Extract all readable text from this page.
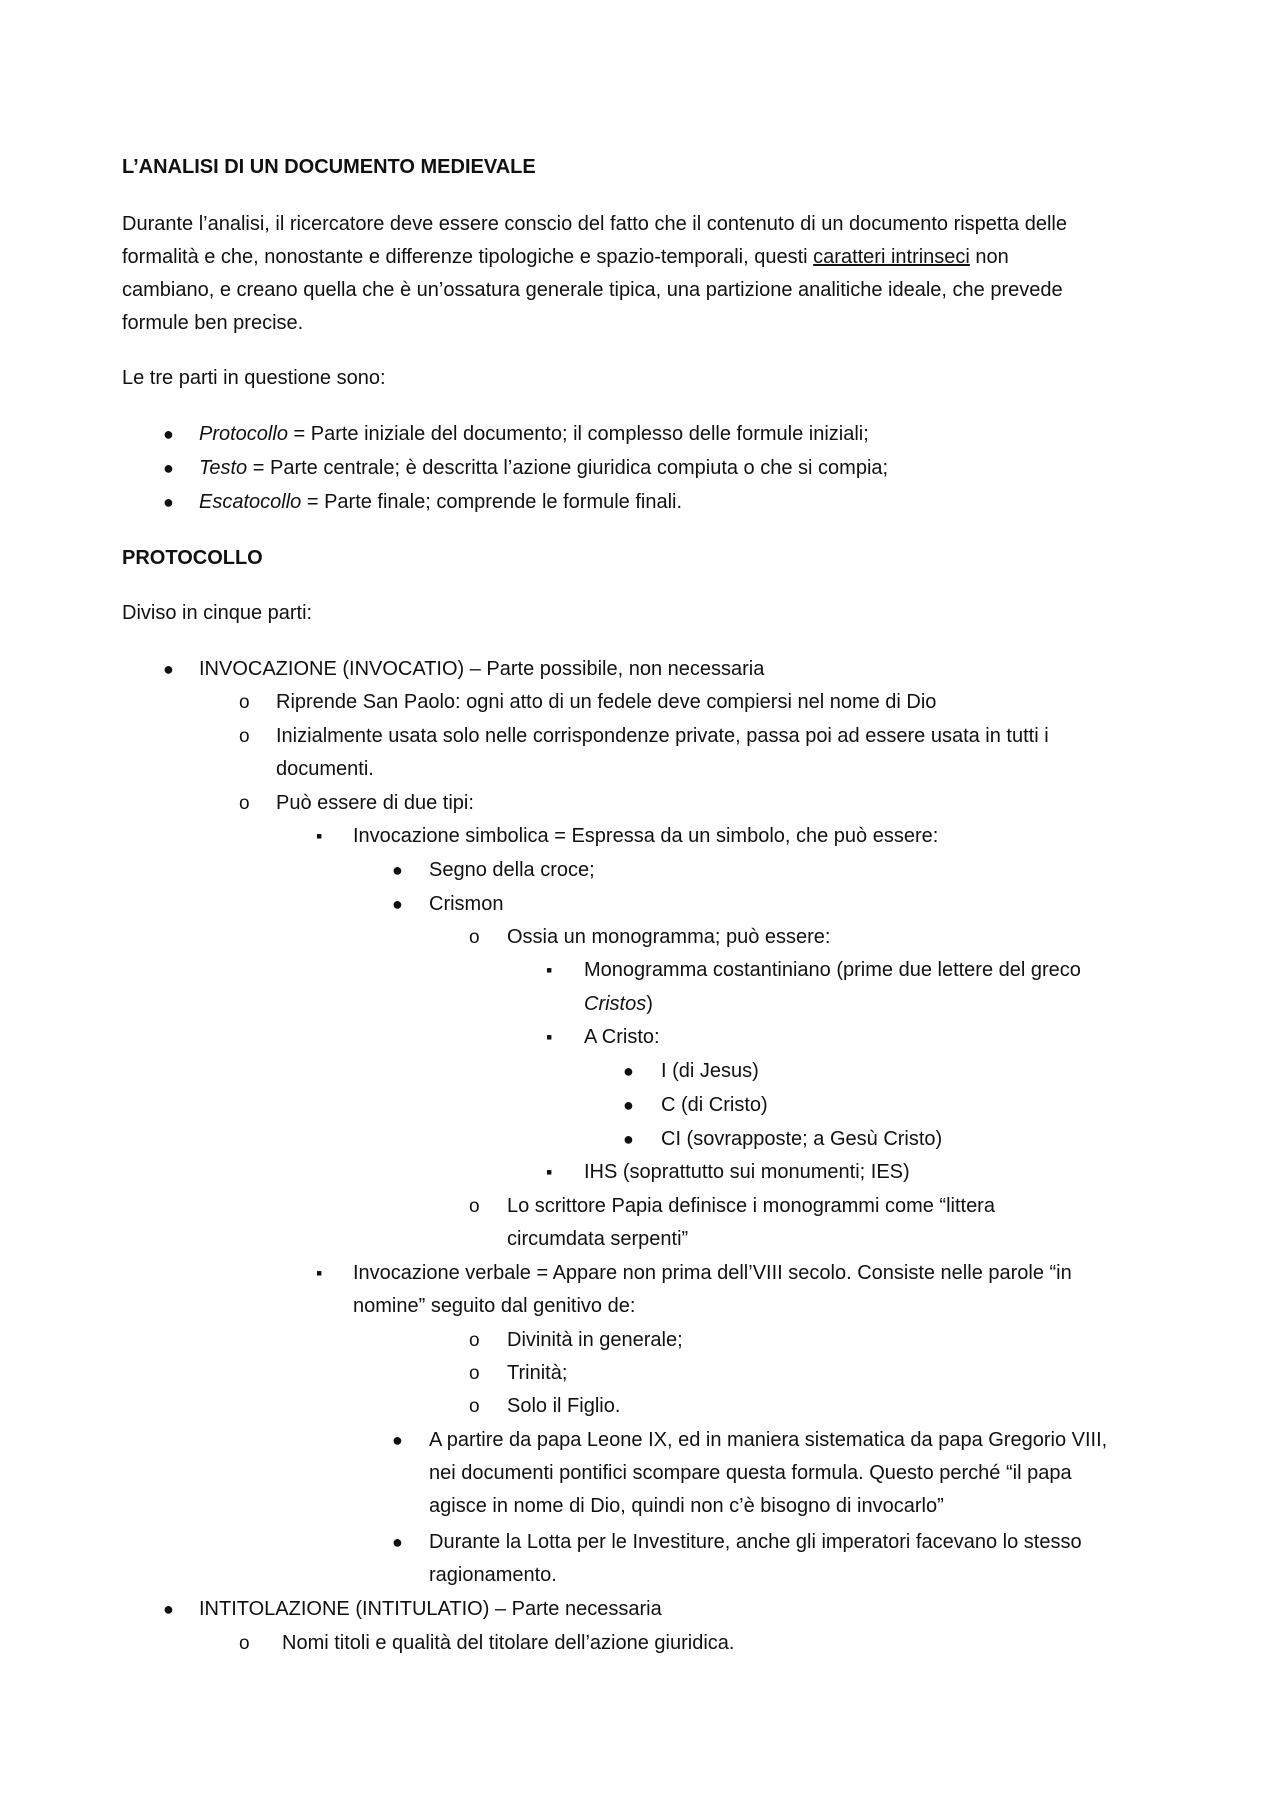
L’ANALISI DI UN DOCUMENTO MEDIEVALE
Durante l’analisi, il ricercatore deve essere conscio del fatto che il contenuto di un documento rispetta delle
formalità e che, nonostante e differenze tipologiche e spazio-temporali, questi caratteri intrinseci non
cambiano, e creano quella che è un’ossatura generale tipica, una partizione analitiche ideale, che prevede
formule ben precise.
Le tre parti in questione sono:
●
Protocollo = Parte iniziale del documento; il complesso delle formule iniziali;
●
Testo = Parte centrale; è descritta l’azione giuridica compiuta o che si compia;
●
Escatocollo = Parte finale; comprende le formule finali.
PROTOCOLLO
Diviso in cinque parti:
●
INVOCAZIONE (INVOCATIO) – Parte possibile, non necessaria
o
Riprende San Paolo: ogni atto di un fedele deve compiersi nel nome di Dio
o
Inizialmente usata solo nelle corrispondenze private, passa poi ad essere usata in tutti i
documenti.
o
Può essere di due tipi:
▪
Invocazione simbolica = Espressa da un simbolo, che può essere:
●
Segno della croce;
●
Crismon
o
Ossia un monogramma; può essere:
▪
Monogramma costantiniano (prime due lettere del greco
Cristos)
▪
A Cristo:
●
I (di Jesus)
●
C (di Cristo)
●
CI (sovrapposte; a Gesù Cristo)
▪
IHS (soprattutto sui monumenti; IES)
o
Lo scrittore Papia definisce i monogrammi come “littera
circumdata serpenti”
▪
Invocazione verbale = Appare non prima dell’VIII secolo. Consiste nelle parole “in
nomine” seguito dal genitivo de:
o
Divinità in generale;
o
Trinità;
o
Solo il Figlio.
●
A partire da papa Leone IX, ed in maniera sistematica da papa Gregorio VIII,
nei documenti pontifici scompare questa formula. Questo perché “il papa
agisce in nome di Dio, quindi non c’è bisogno di invocarlo”
●
Durante la Lotta per le Investiture, anche gli imperatori facevano lo stesso
ragionamento.
●
INTITOLAZIONE (INTITULATIO) – Parte necessaria
o
Nomi titoli e qualità del titolare dell’azione giuridica.
